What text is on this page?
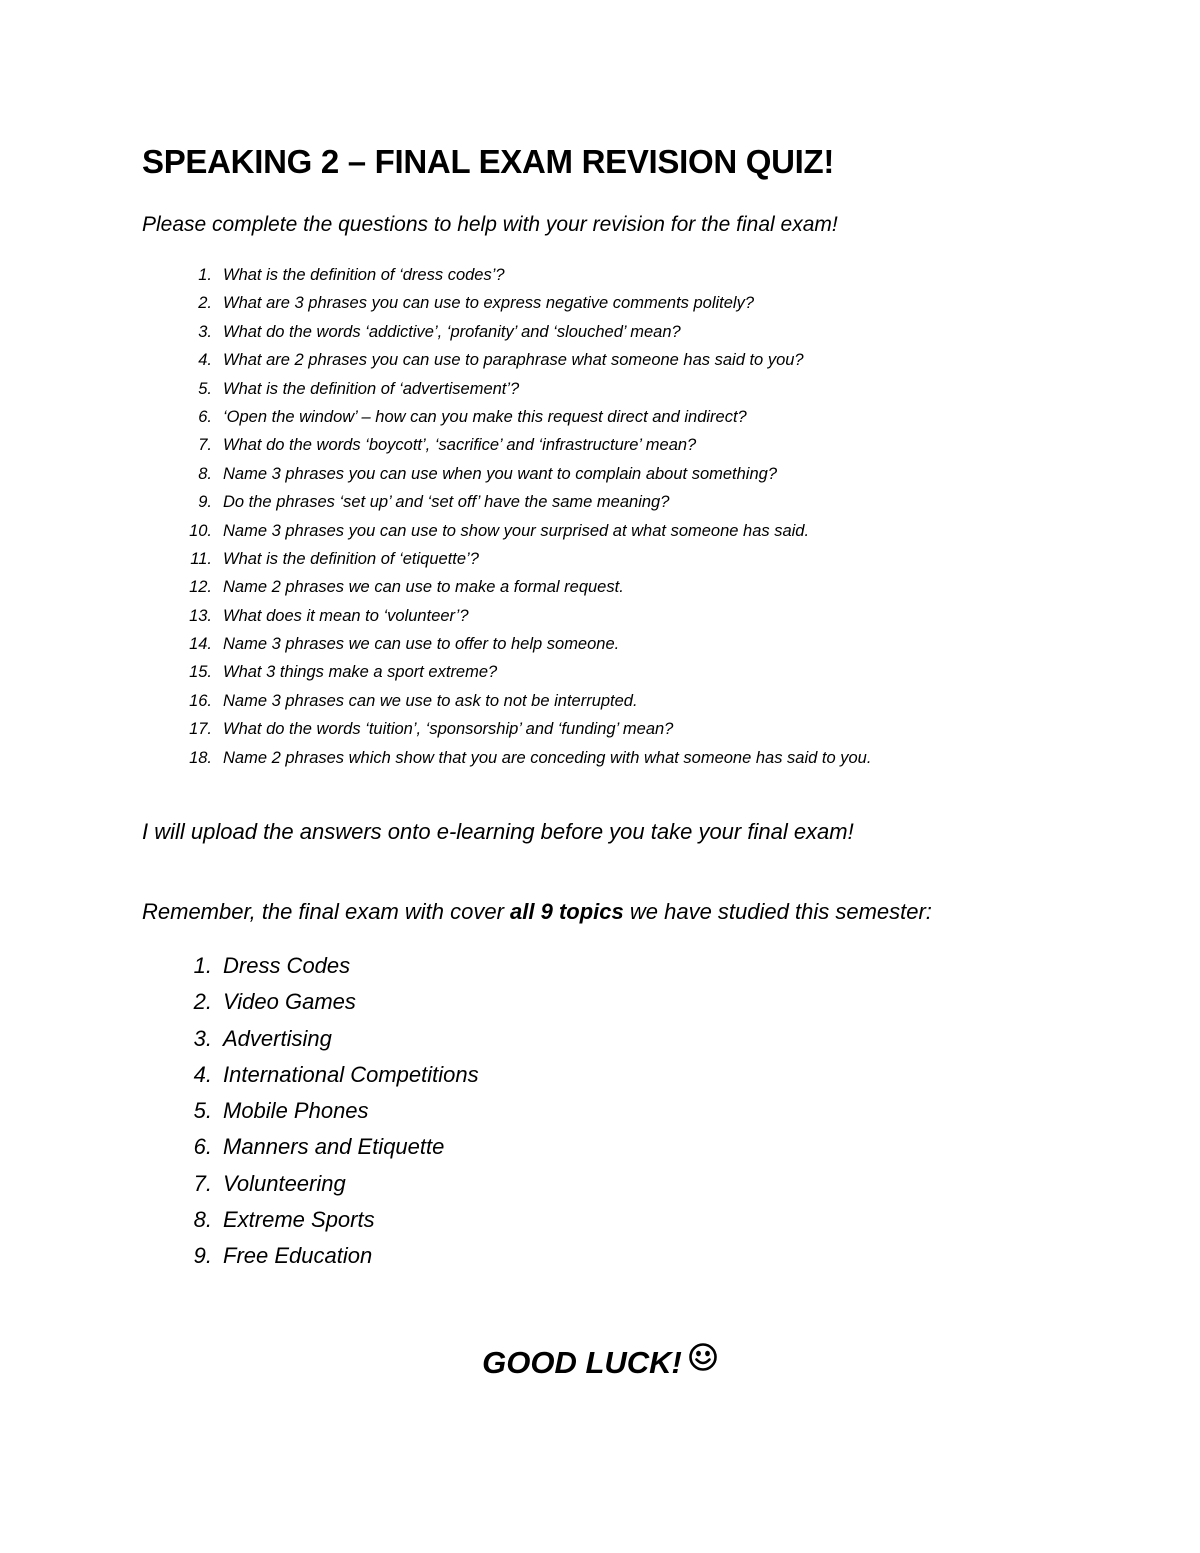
SPEAKING 2 – FINAL EXAM REVISION QUIZ!

Please complete the questions to help with your revision for the final exam!

1. What is the definition of ‘dress codes’?
2. What are 3 phrases you can use to express negative comments politely?
3. What do the words ‘addictive’, ‘profanity’ and ‘slouched’ mean?
4. What are 2 phrases you can use to paraphrase what someone has said to you?
5. What is the definition of ‘advertisement’?
6. ‘Open the window’ – how can you make this request direct and indirect?
7. What do the words ‘boycott’, ‘sacrifice’ and ‘infrastructure’ mean?
8. Name 3 phrases you can use when you want to complain about something?
9. Do the phrases ‘set up’ and ‘set off’ have the same meaning?
10. Name 3 phrases you can use to show your surprised at what someone has said.
11. What is the definition of ‘etiquette’?
12. Name 2 phrases we can use to make a formal request.
13. What does it mean to ‘volunteer’?
14. Name 3 phrases we can use to offer to help someone.
15. What 3 things make a sport extreme?
16. Name 3 phrases can we use to ask to not be interrupted.
17. What do the words ‘tuition’, ‘sponsorship’ and ‘funding’ mean?
18. Name 2 phrases which show that you are conceding with what someone has said to you.

I will upload the answers onto e-learning before you take your final exam!

Remember, the final exam with cover all 9 topics we have studied this semester:

1. Dress Codes
2. Video Games
3. Advertising
4. International Competitions
5. Mobile Phones
6. Manners and Etiquette
7. Volunteering
8. Extreme Sports
9. Free Education

GOOD LUCK!
